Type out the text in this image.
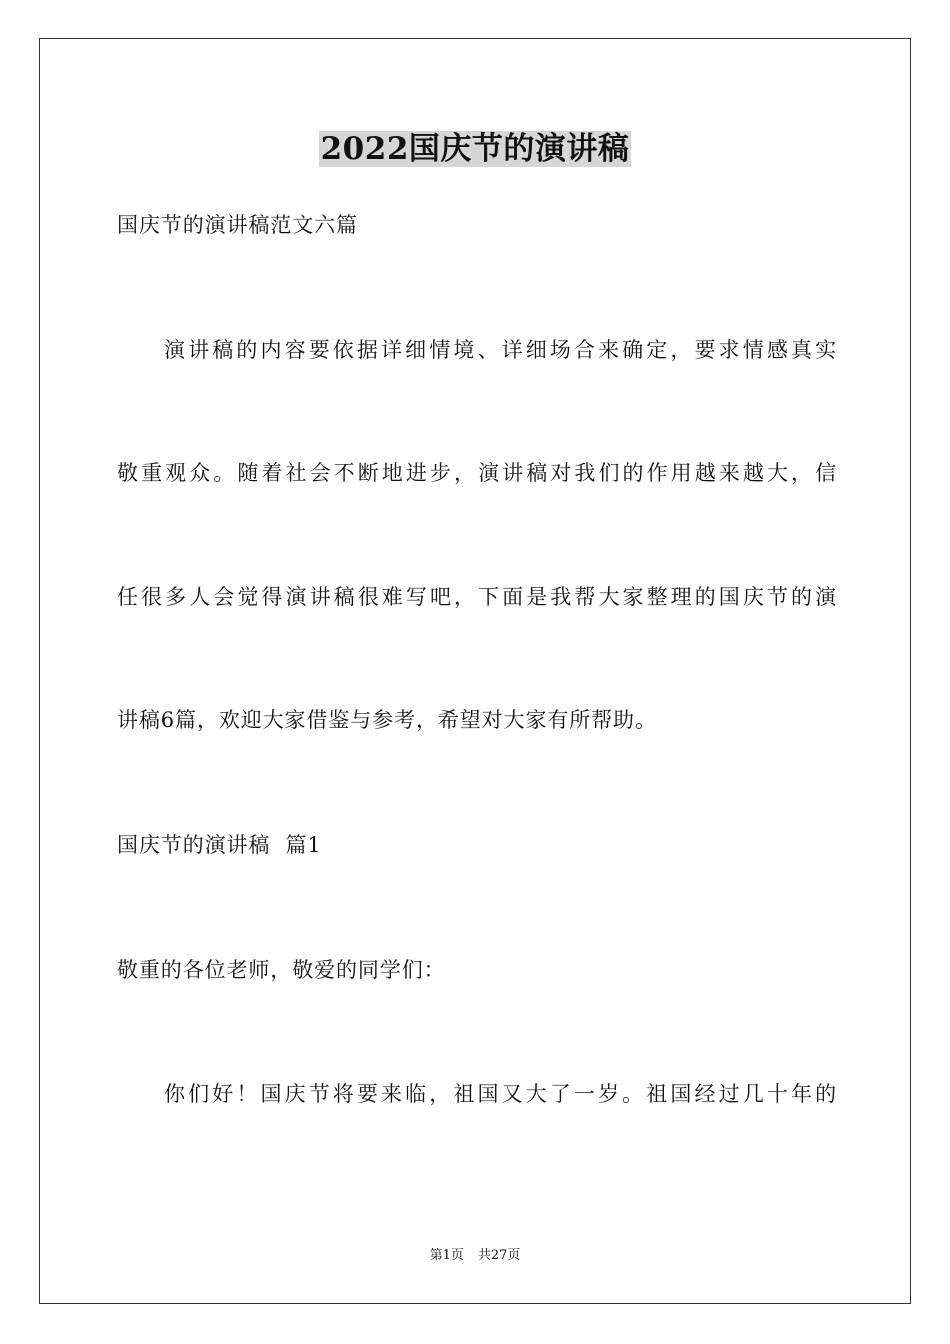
2022国庆节的演讲稿
国庆节的演讲稿范文六篇
演讲稿的内容要依据详细情境、详细场合来确定，要求情感真实
敬重观众。随着社会不断地进步，演讲稿对我们的作用越来越大，信
任很多人会觉得演讲稿很难写吧，下面是我帮大家整理的国庆节的演
讲稿6篇，欢迎大家借鉴与参考，希望对大家有所帮助。
国庆节的演讲稿  篇1
敬重的各位老师，敬爱的同学们：
你们好！国庆节将要来临，祖国又大了一岁。祖国经过几十年的
第1页 共27页
